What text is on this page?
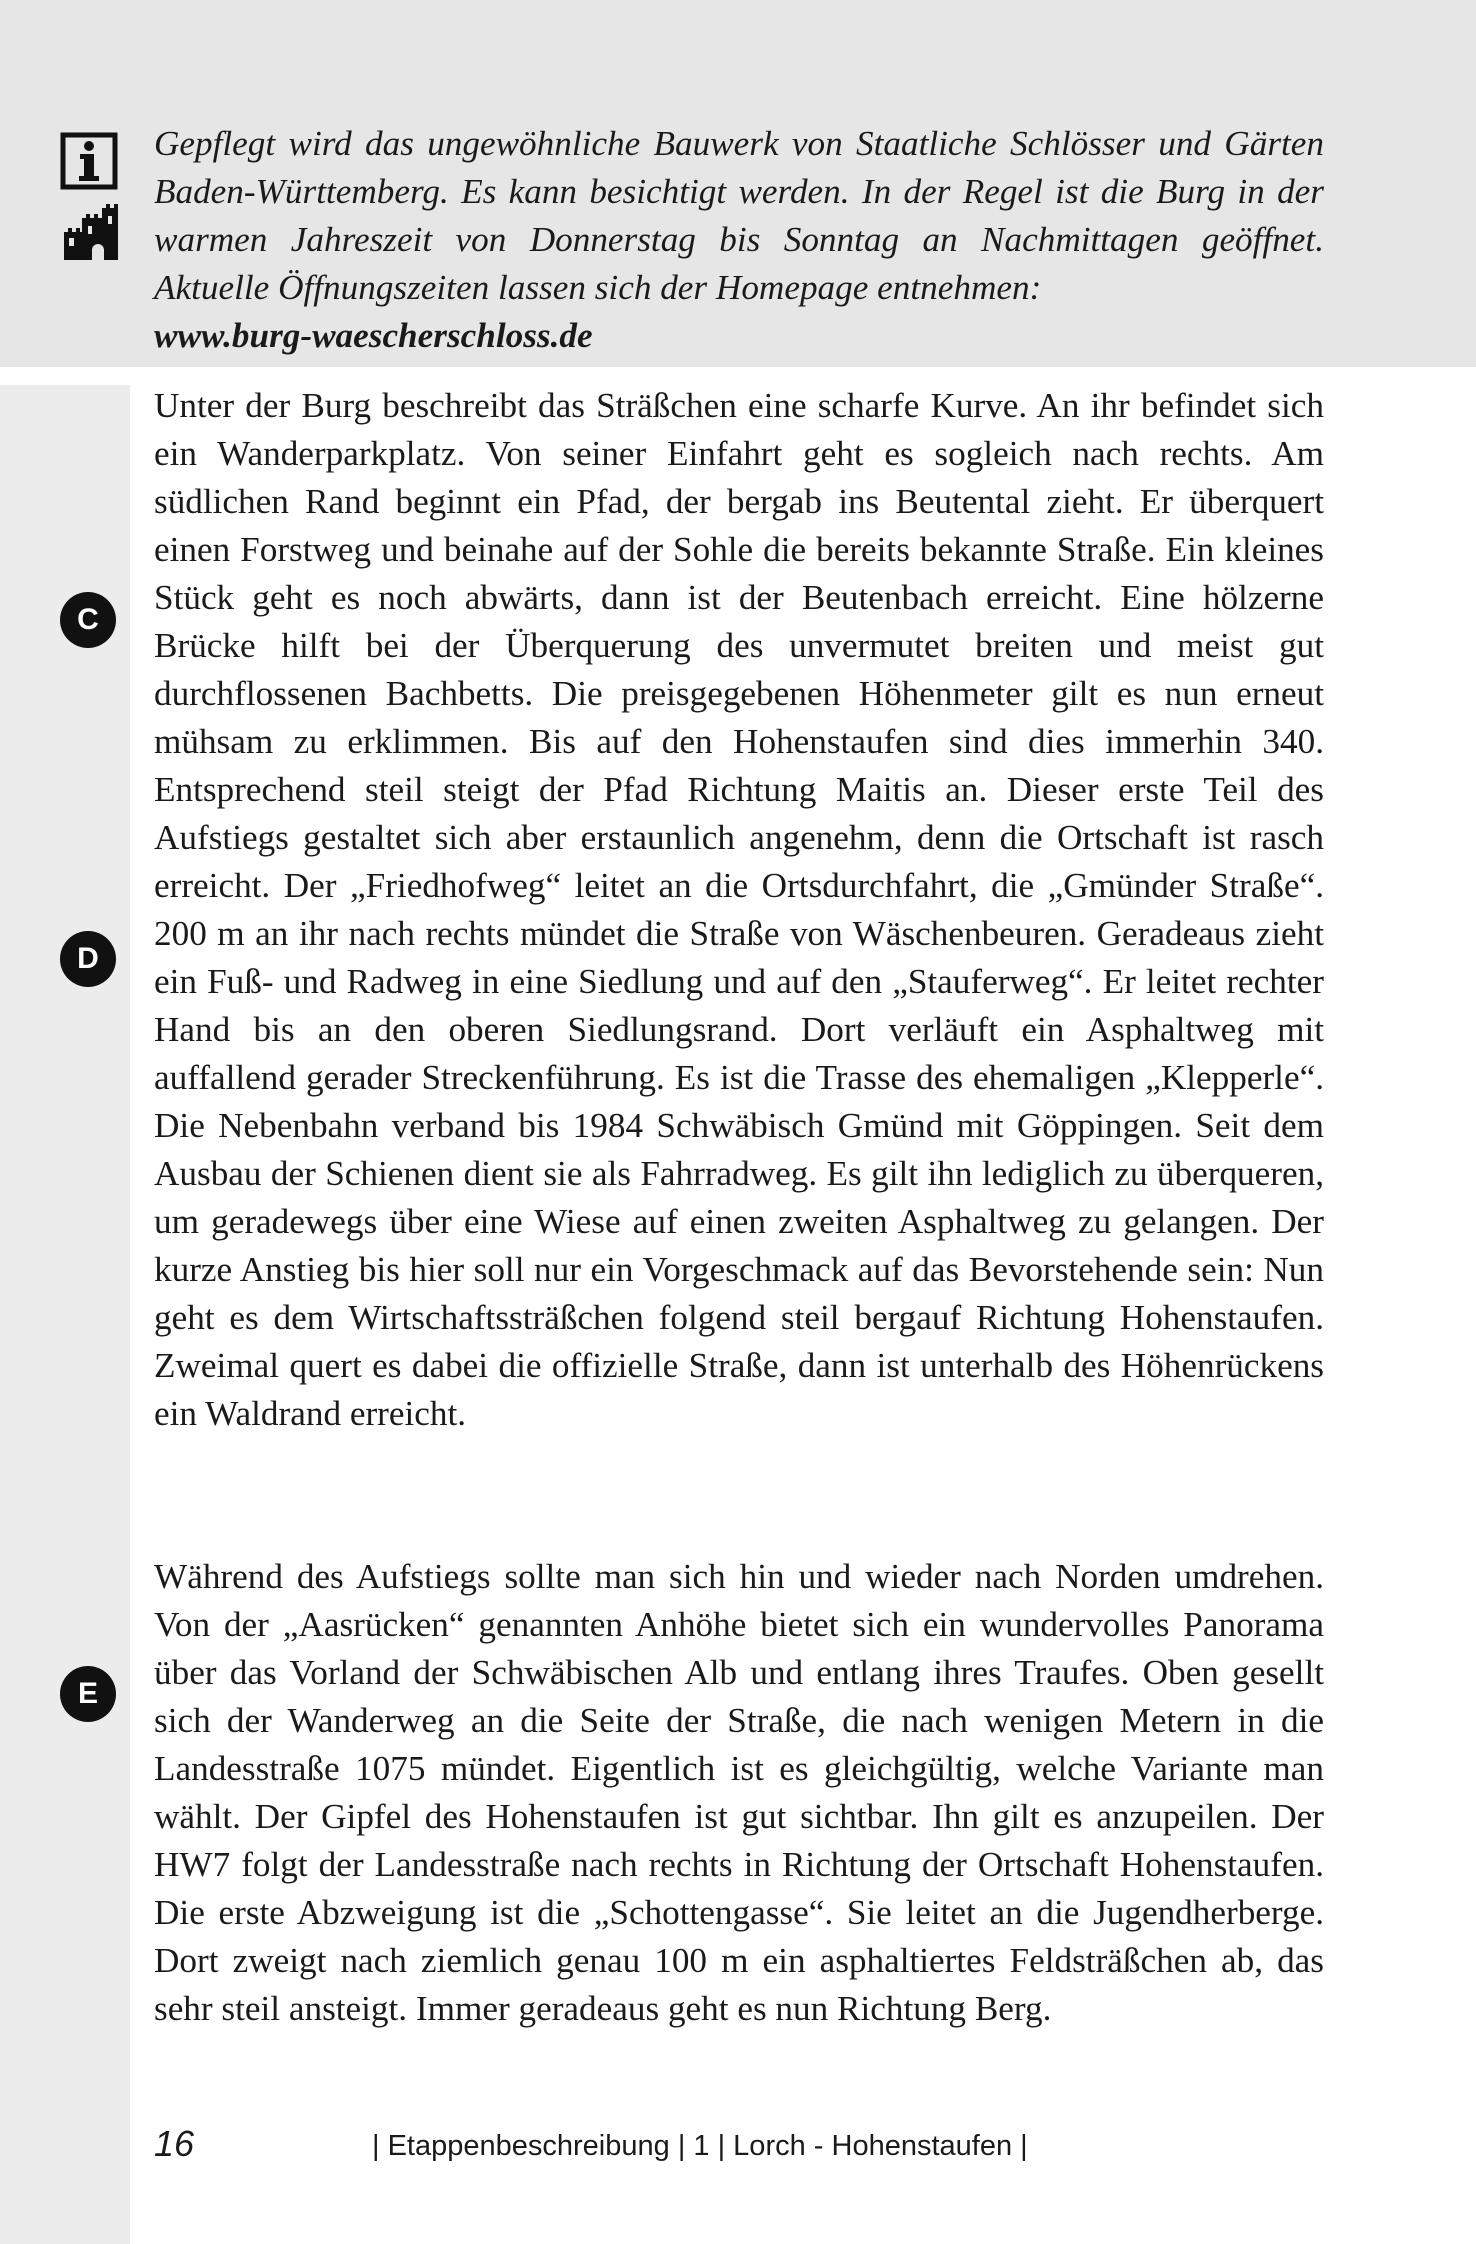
Gepflegt wird das ungewöhnliche Bauwerk von Staatliche Schlösser und Gärten Baden-Württemberg. Es kann besichtigt werden. In der Regel ist die Burg in der warmen Jahreszeit von Donnerstag bis Sonntag an Nachmittagen geöffnet. Aktuelle Öffnungszeiten lassen sich der Homepage entnehmen:
www.burg-waescherschloss.de

C
D
E

Unter der Burg beschreibt das Sträßchen eine scharfe Kurve. An ihr befindet sich ein Wanderparkplatz. Von seiner Einfahrt geht es sogleich nach rechts. Am südlichen Rand beginnt ein Pfad, der bergab ins Beutental zieht. Er überquert einen Forstweg und beinahe auf der Sohle die bereits bekannte Straße. Ein kleines Stück geht es noch abwärts, dann ist der Beutenbach erreicht. Eine hölzerne Brücke hilft bei der Überquerung des unvermutet breiten und meist gut durchflossenen Bachbetts. Die preisgegebenen Höhenmeter gilt es nun erneut mühsam zu erklimmen. Bis auf den Hohenstaufen sind dies immerhin 340. Entsprechend steil steigt der Pfad Richtung Maitis an. Dieser erste Teil des Aufstiegs gestaltet sich aber erstaunlich angenehm, denn die Ortschaft ist rasch erreicht. Der „Friedhofweg“ leitet an die Ortsdurchfahrt, die „Gmünder Straße“. 200 m an ihr nach rechts mündet die Straße von Wäschenbeuren. Geradeaus zieht ein Fuß- und Radweg in eine Siedlung und auf den „Stauferweg“. Er leitet rechter Hand bis an den oberen Siedlungsrand. Dort verläuft ein Asphaltweg mit auffallend gerader Streckenführung. Es ist die Trasse des ehemaligen „Klepperle“. Die Nebenbahn verband bis 1984 Schwäbisch Gmünd mit Göppingen. Seit dem Ausbau der Schienen dient sie als Fahrradweg. Es gilt ihn lediglich zu überqueren, um geradewegs über eine Wiese auf einen zweiten Asphaltweg zu gelangen. Der kurze Anstieg bis hier soll nur ein Vorgeschmack auf das Bevorstehende sein: Nun geht es dem Wirtschaftssträßchen folgend steil bergauf Richtung Hohenstaufen. Zweimal quert es dabei die offizielle Straße, dann ist unterhalb des Höhenrückens ein Waldrand erreicht.

Während des Aufstiegs sollte man sich hin und wieder nach Norden umdrehen. Von der „Aasrücken“ genannten Anhöhe bietet sich ein wundervolles Panorama über das Vorland der Schwäbischen Alb und entlang ihres Traufes. Oben gesellt sich der Wanderweg an die Seite der Straße, die nach wenigen Metern in die Landesstraße 1075 mündet. Eigentlich ist es gleichgültig, welche Variante man wählt. Der Gipfel des Hohenstaufen ist gut sichtbar. Ihn gilt es anzupeilen. Der HW7 folgt der Landesstraße nach rechts in Richtung der Ortschaft Hohenstaufen. Die erste Abzweigung ist die „Schottengasse“. Sie leitet an die Jugendherberge. Dort zweigt nach ziemlich genau 100 m ein asphaltiertes Feldsträßchen ab, das sehr steil ansteigt. Immer geradeaus geht es nun Richtung Berg.

16	| Etappenbeschreibung | 1 | Lorch - Hohenstaufen |
